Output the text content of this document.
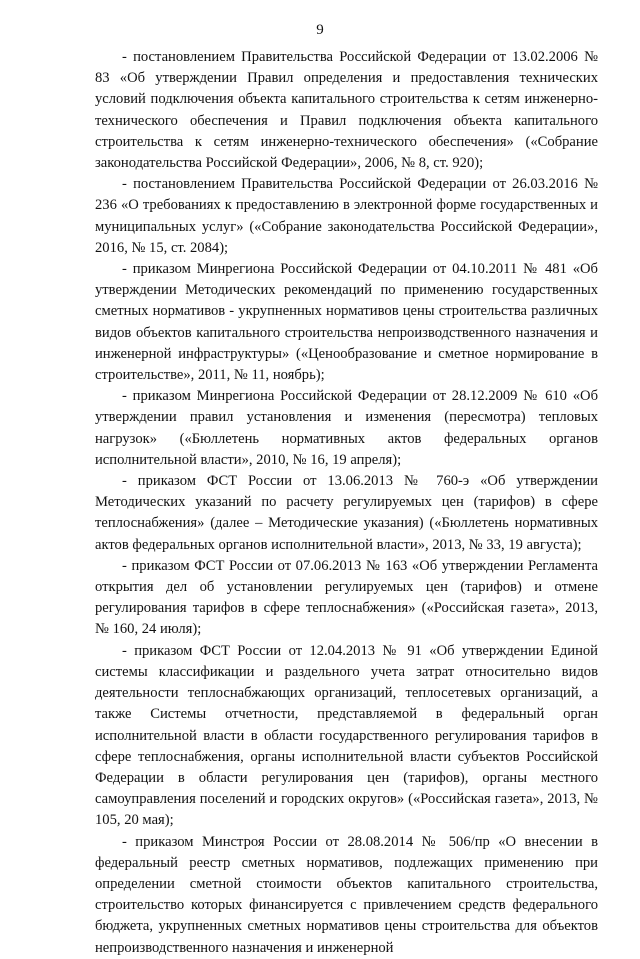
9

- постановлением Правительства Российской Федерации от 13.02.2006 № 83 «Об утверждении Правил определения и предоставления технических условий подключения объекта капитального строительства к сетям инженерно-технического обеспечения и Правил подключения объекта капитального строительства к сетям инженерно-технического обеспечения» («Собрание законодательства Российской Федерации», 2006, № 8, ст. 920);

- постановлением Правительства Российской Федерации от 26.03.2016 № 236 «О требованиях к предоставлению в электронной форме государственных и муниципальных услуг» («Собрание законодательства Российской Федерации», 2016, № 15, ст. 2084);

- приказом Минрегиона Российской Федерации от 04.10.2011 № 481 «Об утверждении Методических рекомендаций по применению государственных сметных нормативов - укрупненных нормативов цены строительства различных видов объектов капитального строительства непроизводственного назначения и инженерной инфраструктуры» («Ценообразование и сметное нормирование в строительстве», 2011, № 11, ноябрь);

- приказом Минрегиона Российской Федерации от 28.12.2009 № 610 «Об утверждении правил установления и изменения (пересмотра) тепловых нагрузок» («Бюллетень нормативных актов федеральных органов исполнительной власти», 2010, № 16, 19 апреля);

- приказом ФСТ России от 13.06.2013 № 760-э «Об утверждении Методических указаний по расчету регулируемых цен (тарифов) в сфере теплоснабжения» (далее – Методические указания) («Бюллетень нормативных актов федеральных органов исполнительной власти», 2013, № 33, 19 августа);

- приказом ФСТ России от 07.06.2013 № 163 «Об утверждении Регламента открытия дел об установлении регулируемых цен (тарифов) и отмене регулирования тарифов в сфере теплоснабжения» («Российская газета», 2013, № 160, 24 июля);

- приказом ФСТ России от 12.04.2013 № 91 «Об утверждении Единой системы классификации и раздельного учета затрат относительно видов деятельности теплоснабжающих организаций, теплосетевых организаций, а также Системы отчетности, представляемой в федеральный орган исполнительной власти в области государственного регулирования тарифов в сфере теплоснабжения, органы исполнительной власти субъектов Российской Федерации в области регулирования цен (тарифов), органы местного самоуправления поселений и городских округов» («Российская газета», 2013, № 105, 20 мая);

- приказом Минстроя России от 28.08.2014 № 506/пр «О внесении в федеральный реестр сметных нормативов, подлежащих применению при определении сметной стоимости объектов капитального строительства, строительство которых финансируется с привлечением средств федерального бюджета, укрупненных сметных нормативов цены строительства для объектов непроизводственного назначения и инженерной
